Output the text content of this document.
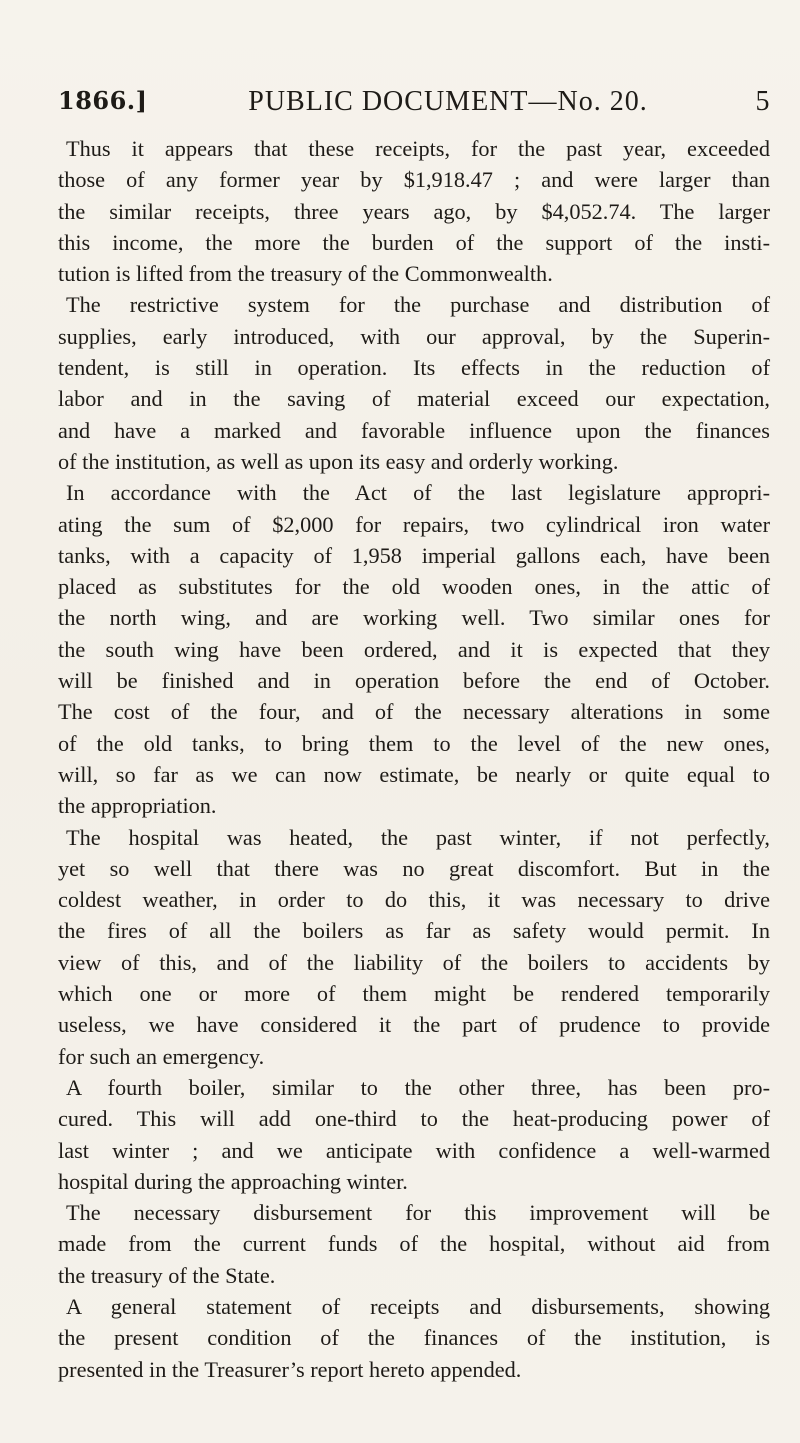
1866.]	PUBLIC DOCUMENT—No. 20.	5
Thus it appears that these receipts, for the past year, exceeded
those of any former year by $1,918.47 ; and were larger than
the similar receipts, three years ago, by $4,052.74. The larger
this income, the more the burden of the support of the insti-
tution is lifted from the treasury of the Commonwealth.
The restrictive system for the purchase and distribution of
supplies, early introduced, with our approval, by the Superin-
tendent, is still in operation. Its effects in the reduction of
labor and in the saving of material exceed our expectation,
and have a marked and favorable influence upon the finances
of the institution, as well as upon its easy and orderly working.
In accordance with the Act of the last legislature appropri-
ating the sum of $2,000 for repairs, two cylindrical iron water
tanks, with a capacity of 1,958 imperial gallons each, have been
placed as substitutes for the old wooden ones, in the attic of
the north wing, and are working well. Two similar ones for
the south wing have been ordered, and it is expected that they
will be finished and in operation before the end of October.
The cost of the four, and of the necessary alterations in some
of the old tanks, to bring them to the level of the new ones,
will, so far as we can now estimate, be nearly or quite equal to
the appropriation.
The hospital was heated, the past winter, if not perfectly,
yet so well that there was no great discomfort. But in the
coldest weather, in order to do this, it was necessary to drive
the fires of all the boilers as far as safety would permit. In
view of this, and of the liability of the boilers to accidents by
which one or more of them might be rendered temporarily
useless, we have considered it the part of prudence to provide
for such an emergency.
A fourth boiler, similar to the other three, has been pro-
cured. This will add one-third to the heat-producing power of
last winter ; and we anticipate with confidence a well-warmed
hospital during the approaching winter.
The necessary disbursement for this improvement will be
made from the current funds of the hospital, without aid from
the treasury of the State.
A general statement of receipts and disbursements, showing
the present condition of the finances of the institution, is
presented in the Treasurer’s report hereto appended.
